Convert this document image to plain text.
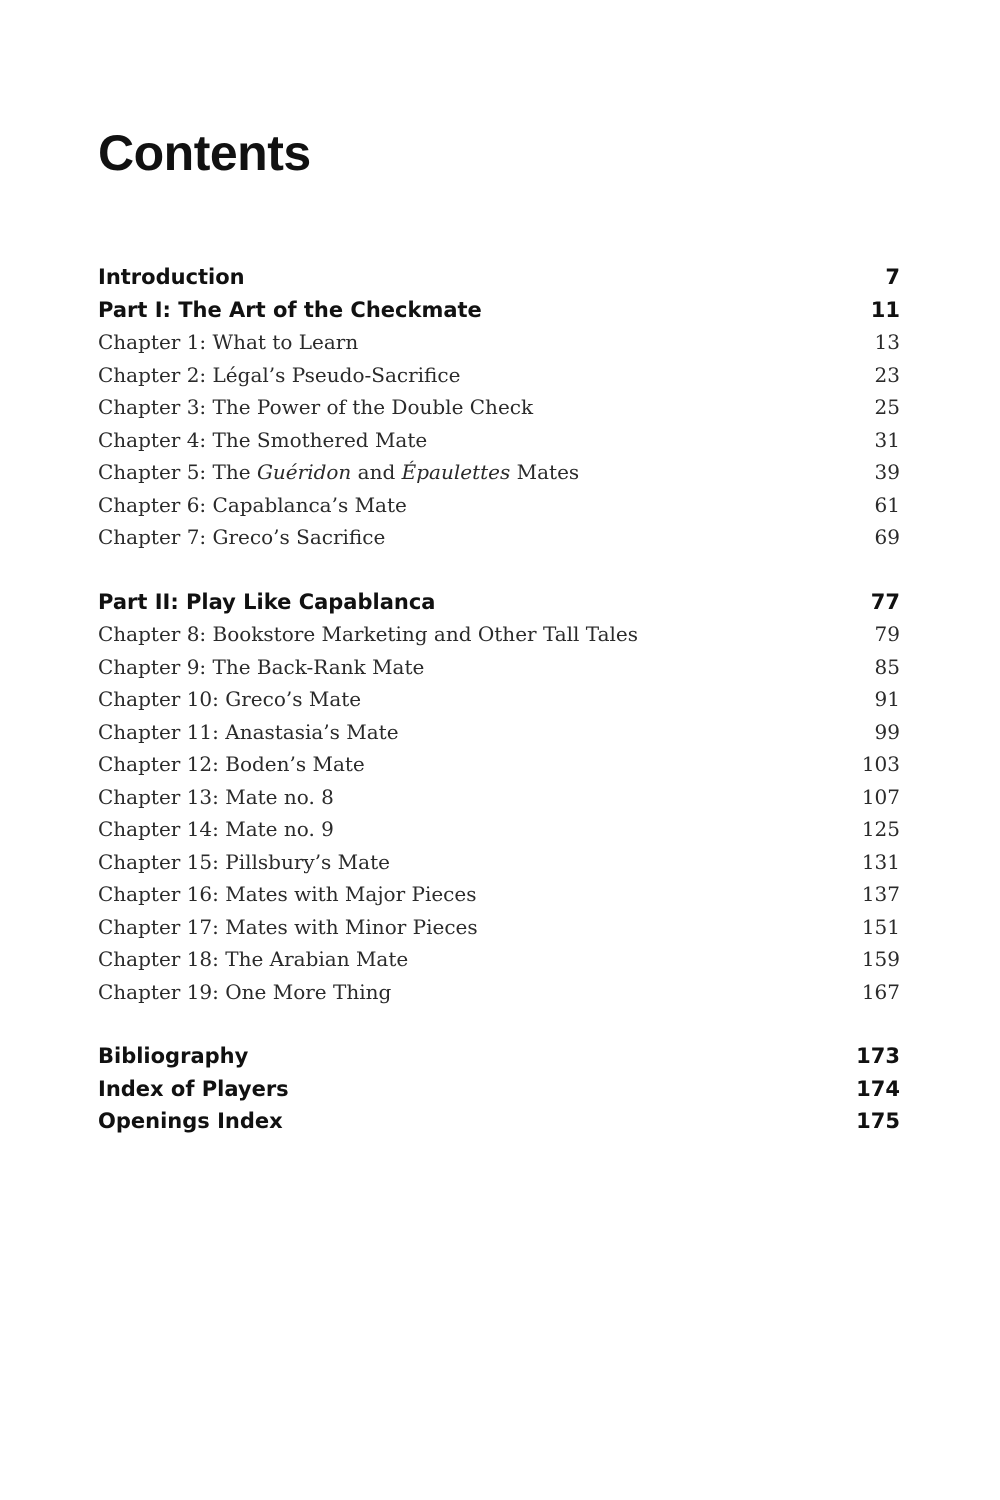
Contents
Introduction	7
Part I: The Art of the Checkmate	11
Chapter 1: What to Learn	13
Chapter 2: Légal’s Pseudo-Sacrifice	23
Chapter 3: The Power of the Double Check	25
Chapter 4: The Smothered Mate	31
Chapter 5: The Guéridon and Épaulettes Mates	39
Chapter 6: Capablanca’s Mate	61
Chapter 7: Greco’s Sacrifice	69
Part II: Play Like Capablanca	77
Chapter 8: Bookstore Marketing and Other Tall Tales	79
Chapter 9: The Back-Rank Mate	85
Chapter 10: Greco’s Mate	91
Chapter 11: Anastasia’s Mate	99
Chapter 12: Boden’s Mate	103
Chapter 13: Mate no. 8	107
Chapter 14: Mate no. 9	125
Chapter 15: Pillsbury’s Mate	131
Chapter 16: Mates with Major Pieces	137
Chapter 17: Mates with Minor Pieces	151
Chapter 18: The Arabian Mate	159
Chapter 19: One More Thing	167
Bibliography	173
Index of Players	174
Openings Index	175
